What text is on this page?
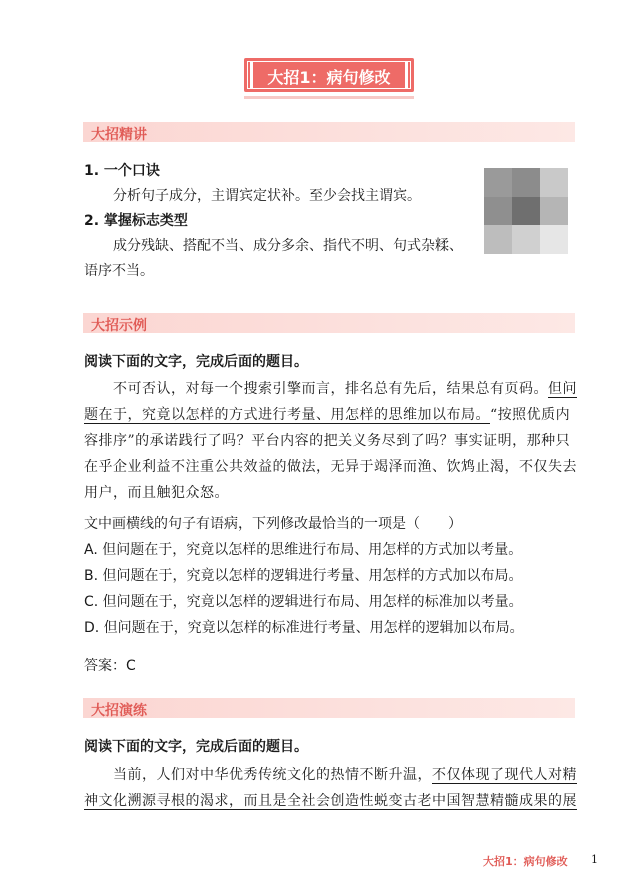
大招1：病句修改
大招精讲
1. 一个口诀
分析句子成分，主谓宾定状补。至少会找主谓宾。
2. 掌握标志类型
成分残缺、搭配不当、成分多余、指代不明、句式杂糅、
语序不当。
大招示例
阅读下面的文字，完成后面的题目。
不可否认，对每一个搜索引擎而言，排名总有先后，结果总有页码。但问
题在于，究竟以怎样的方式进行考量、用怎样的思维加以布局。“按照优质内
容排序”的承诺践行了吗？平台内容的把关义务尽到了吗？事实证明，那种只
在乎企业利益不注重公共效益的做法，无异于竭泽而渔、饮鸩止渴，不仅失去
用户，而且触犯众怒。
文中画横线的句子有语病，下列修改最恰当的一项是（　　）
A. 但问题在于，究竟以怎样的思维进行布局、用怎样的方式加以考量。
B. 但问题在于，究竟以怎样的逻辑进行考量、用怎样的方式加以布局。
C. 但问题在于，究竟以怎样的逻辑进行布局、用怎样的标准加以考量。
D. 但问题在于，究竟以怎样的标准进行考量、用怎样的逻辑加以布局。
答案：C
大招演练
阅读下面的文字，完成后面的题目。
当前，人们对中华优秀传统文化的热情不断升温，不仅体现了现代人对精
神文化溯源寻根的渴求，而且是全社会创造性蜕变古老中国智慧精髓成果的展
大招1：病句修改 1
